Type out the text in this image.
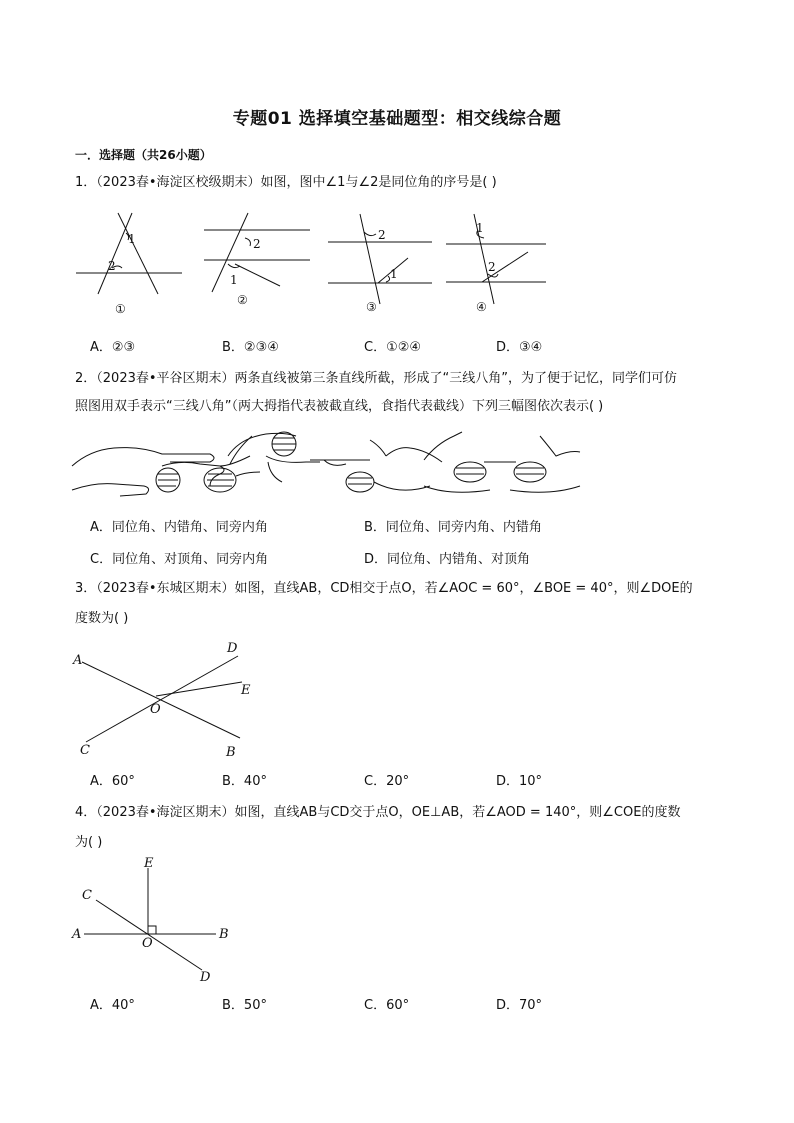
专题01 选择填空基础题型：相交线综合题
一．选择题（共26小题）
1．（2023春•海淀区校级期末）如图，图中∠1与∠2是同位角的序号是( )
1
2
①
2
1
②
2
1
③
1
2
④
A．②③	B．②③④	C．①②④	D．③④
2．（2023春•平谷区期末）两条直线被第三条直线所截，形成了“三线八角”，为了便于记忆，同学们可仿
照图用双手表示“三线八角”（两大拇指代表被截直线，食指代表截线）下列三幅图依次表示( )
A．同位角、内错角、同旁内角	B．同位角、同旁内角、内错角
C．同位角、对顶角、同旁内角	D．同位角、内错角、对顶角
3．（2023春•东城区期末）如图，直线AB，CD相交于点O，若∠AOC = 60°，∠BOE = 40°，则∠DOE的
度数为( )
A
B
C
D
E
O
A．60°	B．40°	C．20°	D．10°
4．（2023春•海淀区期末）如图，直线AB与CD交于点O，OE⊥AB，若∠AOD = 140°，则∠COE的度数
为( )
A	B
C
D
E
O
A．40°	B．50°	C．60°	D．70°
